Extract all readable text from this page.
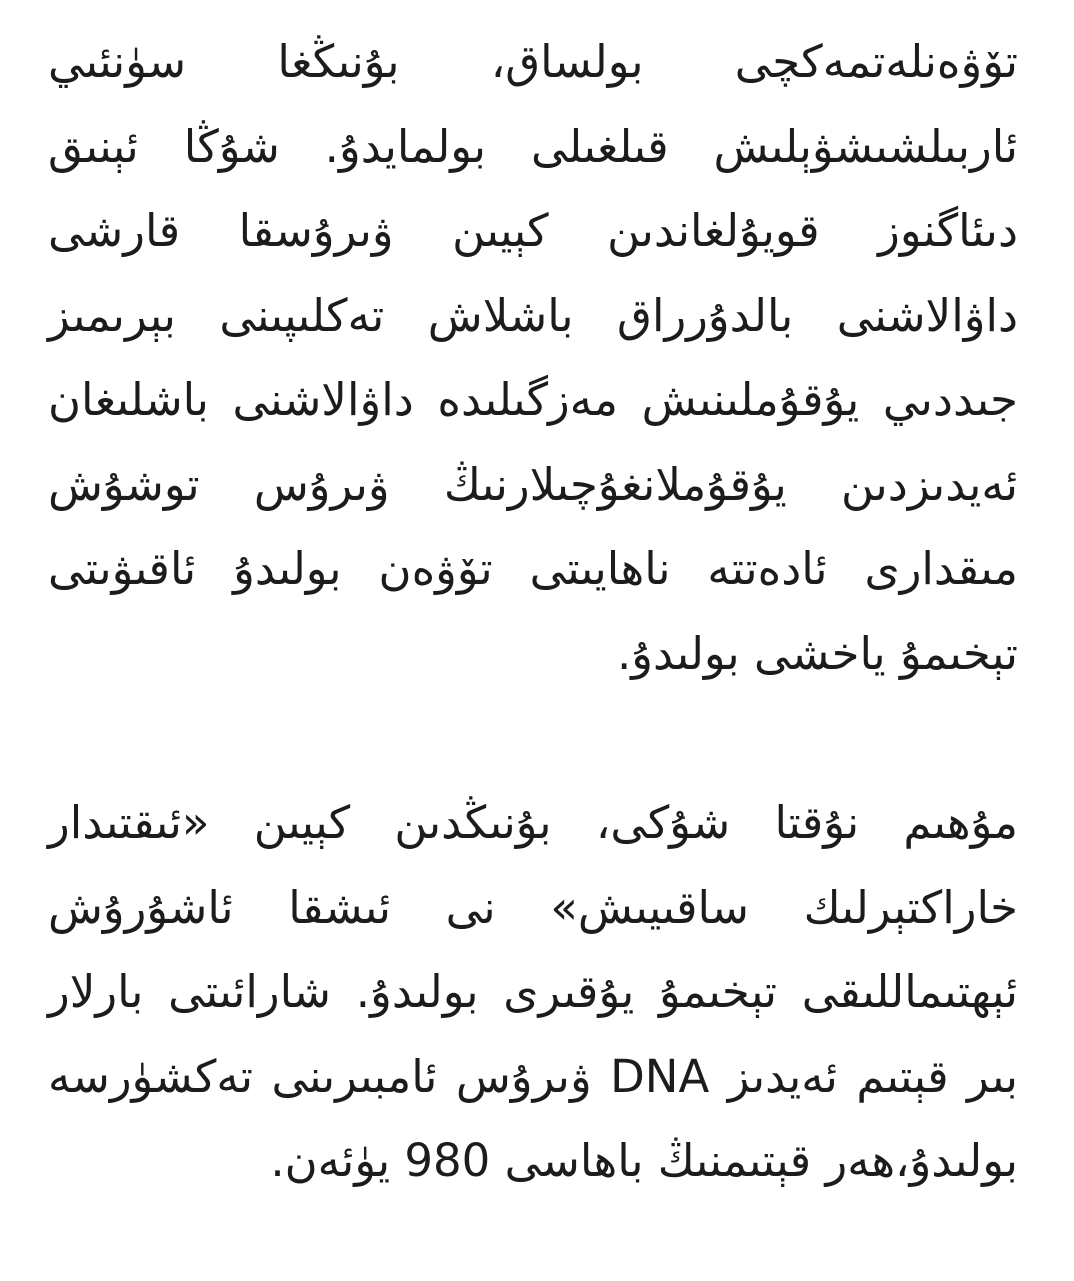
تۆۋەنلەتمەكچى بولساق، بۇنىڭغا سۈنئىي ئاربىلشىشۋېلىش قىلغىلى بولمايدۇ. شۇڭا ئېنىق دىئاگنوز قويۇلغاندىن كېيىن ۋىرۇسقا قارشى داۋالاشنى بالدۇرراق باشلاش تەكلىپىنى بېرىمىز جىددىي يۇقۇملىنىش مەزگىلىدە داۋالاشنى باشلىغان ئەيدىزدىن يۇقۇملانغۇچىلارنىڭ ۋىرۇس توشۇش مىقدارى ئادەتتە ناھايىتى تۆۋەن بولىدۇ ئاقىۋىتى تېخىمۇ ياخشى بولىدۇ.

مۇھىم نۇقتا شۇكى، بۇنىڭدىن كېيىن «ئىقتىدار خاراكتېرلىك ساقىيىش» نى ئىشقا ئاشۇرۇش ئېھتىماللىقى تېخىمۇ يۇقىرى بولىدۇ. شارائىتى بارلار بىر قېتىم ئەيدىز DNA ۋىرۇس ئامبىرىنى تەكشۈرسە بولىدۇ،ھەر قېتىمنىڭ باھاسى 980 يۈئەن.
